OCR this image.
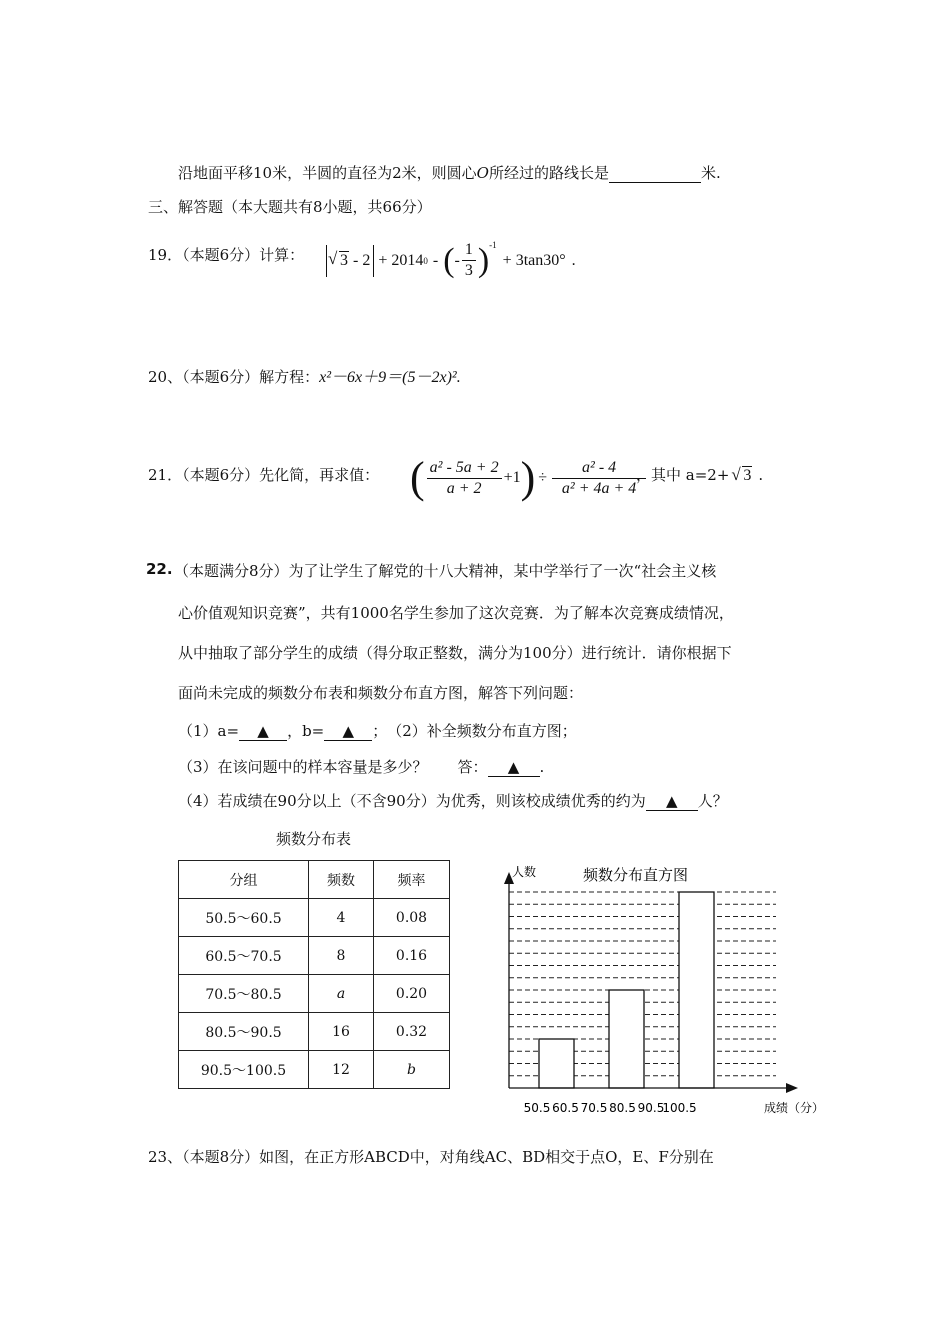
沿地面平移10米，半圆的直径为2米，则圆心O所经过的路线长是	米.
三、解答题（本大题共有8小题，共66分）
19．（本题6分）计算：	√ 3 - 2 + 2014 0 - ( - $\frac{1}{3} )^{-1}$
+ 3tan30° .
20、（本题6分）解方程：x²－6x＋9＝(5－2x)².
21．（本题6分）先化简，再求值： ( $\frac{\text{a² - 5a + 2}}{a + 2} +1$ ) ÷ $\frac{\text{a² - 4}}{\text{a² + 4a + 4}}$
，其中 a=2+ √ 3 .
22. （本题满分8分）为了让学生了解党的十八大精神，某中学举行了一次“社会主义核
心价值观知识竞赛”，共有1000名学生参加了这次竞赛．为了解本次竞赛成绩情况，
从中抽取了部分学生的成绩（得分取正整数，满分为100分）进行统计．请你根据下
面尚未完成的频数分布表和频数分布直方图，解答下列问题：
（1）a= ▲ ，b= ▲ ；　（2）补全频数分布直方图；
（3）在该问题中的样本容量是多少？　　答： ▲ .
（4）若成绩在90分以上（不含90分）为优秀，则该校成绩优秀的约为 ▲ 人？
频数分布表
分组	频数	频率
50.5～60.5	4	0.08
60.5～70.5	8	0.16
70.5～80.5	a	0.20
80.5～90.5	16	0.32
90.5～100.5	12	b
人数	频数分布直方图
50.5 60.5 70.5 80.5 90.5
100.5	成绩（分）
23、（本题8分）如图，在正方形ABCD中，对角线AC、BD相交于点O，E、F分别在
